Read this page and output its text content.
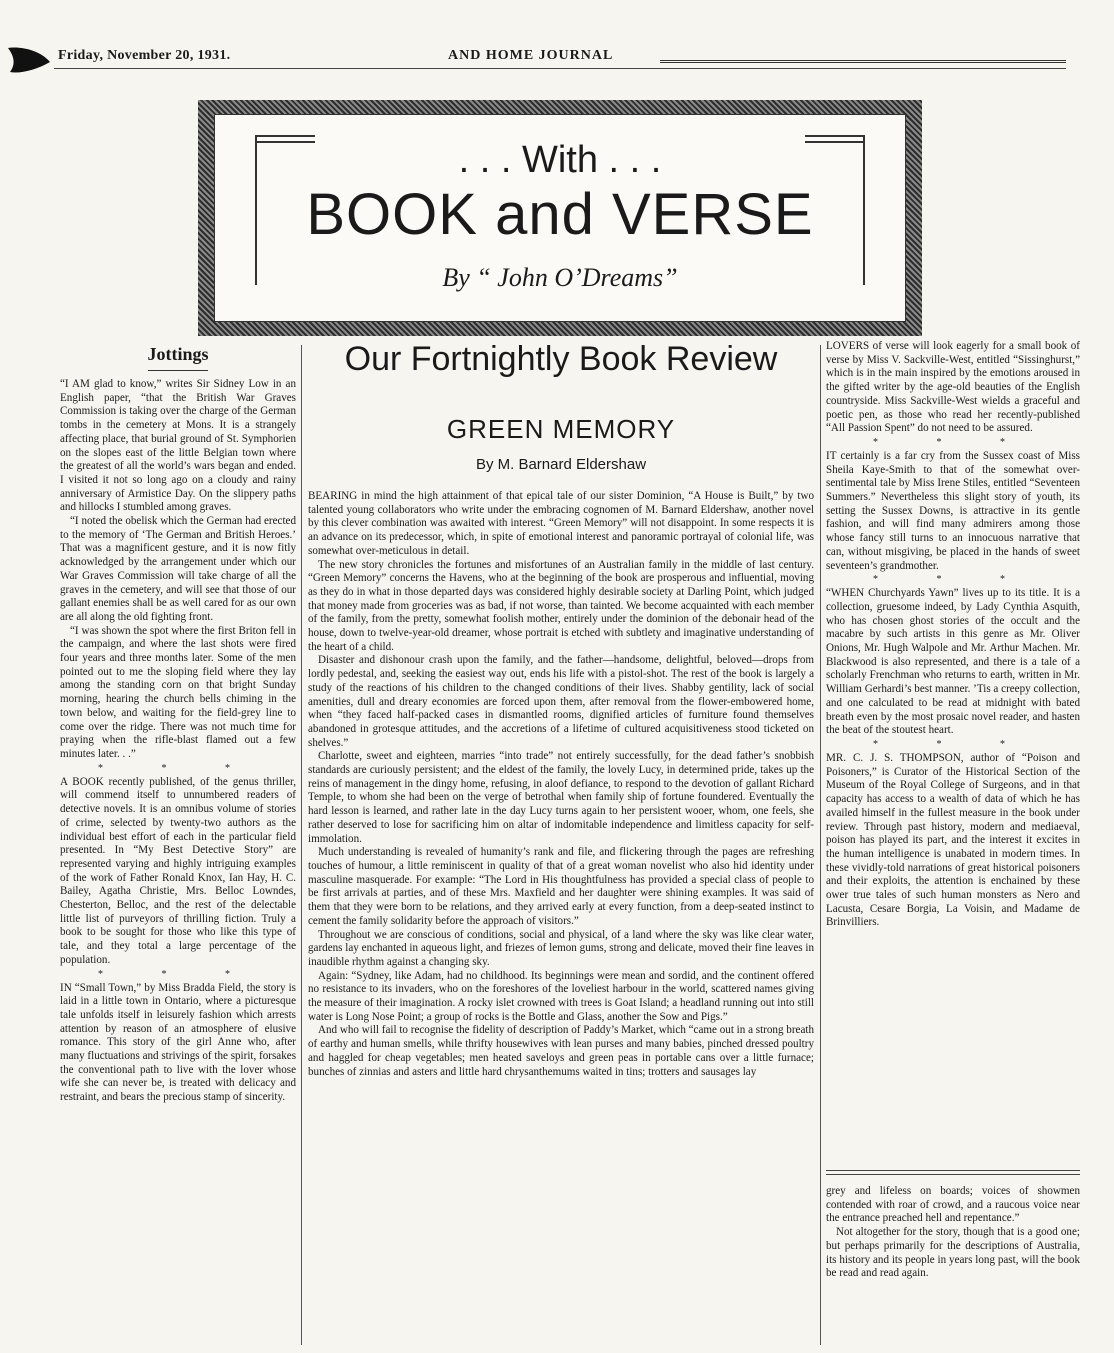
Friday, November 20, 1931.	AND HOME JOURNAL
. . . With . . .
BOOK and VERSE
By “ John O’Dreams”
Jottings

“I AM glad to know,” writes Sir Sidney Low in an English paper, “that the British War Graves Commission is taking over the charge of the German tombs in the cemetery at Mons. It is a strangely affecting place, that burial ground of St. Symphorien on the slopes east of the little Belgian town where the greatest of all the world’s wars began and ended. I visited it not so long ago on a cloudy and rainy anniversary of Armistice Day. On the slippery paths and hillocks I stumbled among graves.

“I noted the obelisk which the German had erected to the memory of ‘The German and British Heroes.’ That was a magnificent gesture, and it is now fitly acknowledged by the arrangement under which our War Graves Commission will take charge of all the graves in the cemetery, and will see that those of our gallant enemies shall be as well cared for as our own are all along the old fighting front.

“I was shown the spot where the first Briton fell in the campaign, and where the last shots were fired four years and three months later. Some of the men pointed out to me the sloping field where they lay among the standing corn on that bright Sunday morning, hearing the church bells chiming in the town below, and waiting for the field-grey line to come over the ridge. There was not much time for praying when the rifle-blast flamed out a few minutes later. . .”

* * *

A BOOK recently published, of the genus thriller, will commend itself to unnumbered readers of detective novels. It is an omnibus volume of stories of crime, selected by twenty-two authors as the individual best effort of each in the particular field presented. In “My Best Detective Story” are represented varying and highly intriguing examples of the work of Father Ronald Knox, Ian Hay, H. C. Bailey, Agatha Christie, Mrs. Belloc Lowndes, Chesterton, Belloc, and the rest of the delectable little list of purveyors of thrilling fiction. Truly a book to be sought for those who like this type of tale, and they total a large percentage of the population.

* * *

IN “Small Town,” by Miss Bradda Field, the story is laid in a little town in Ontario, where a picturesque tale unfolds itself in leisurely fashion which arrests attention by reason of an atmosphere of elusive romance. This story of the girl Anne who, after many fluctuations and strivings of the spirit, forsakes the conventional path to live with the lover whose wife she can never be, is treated with delicacy and restraint, and bears the precious stamp of sincerity.

Our Fortnightly Book Review
GREEN MEMORY
By M. Barnard Eldershaw

BEARING in mind the high attainment of that epical tale of our sister Dominion, “A House is Built,” by two talented young collaborators who write under the embracing cognomen of M. Barnard Eldershaw, another novel by this clever combination was awaited with interest. “Green Memory” will not disappoint. In some respects it is an advance on its predecessor, which, in spite of emotional interest and panoramic portrayal of colonial life, was somewhat over-meticulous in detail.

The new story chronicles the fortunes and misfortunes of an Australian family in the middle of last century. “Green Memory” concerns the Havens, who at the beginning of the book are prosperous and influential, moving as they do in what in those departed days was considered highly desirable society at Darling Point, which judged that money made from groceries was as bad, if not worse, than tainted. We become acquainted with each member of the family, from the pretty, somewhat foolish mother, entirely under the dominion of the debonair head of the house, down to twelve-year-old dreamer, whose portrait is etched with subtlety and imaginative understanding of the heart of a child.

Disaster and dishonour crash upon the family, and the father—handsome, delightful, beloved—drops from lordly pedestal, and, seeking the easiest way out, ends his life with a pistol-shot. The rest of the book is largely a study of the reactions of his children to the changed conditions of their lives. Shabby gentility, lack of social amenities, dull and dreary economies are forced upon them, after removal from the flower-embowered home, when “they faced half-packed cases in dismantled rooms, dignified articles of furniture found themselves abandoned in grotesque attitudes, and the accretions of a lifetime of cultured acquisitiveness stood ticketed on shelves.”

Charlotte, sweet and eighteen, marries “into trade” not entirely successfully, for the dead father’s snobbish standards are curiously persistent; and the eldest of the family, the lovely Lucy, in determined pride, takes up the reins of management in the dingy home, refusing, in aloof defiance, to respond to the devotion of gallant Richard Temple, to whom she had been on the verge of betrothal when family ship of fortune foundered. Eventually the hard lesson is learned, and rather late in the day Lucy turns again to her persistent wooer, whom, one feels, she rather deserved to lose for sacrificing him on altar of indomitable independence and limitless capacity for self-immolation.

Much understanding is revealed of humanity’s rank and file, and flickering through the pages are refreshing touches of humour, a little reminiscent in quality of that of a great woman novelist who also hid identity under masculine masquerade. For example: “The Lord in His thoughtfulness has provided a special class of people to be first arrivals at parties, and of these Mrs. Maxfield and her daughter were shining examples. It was said of them that they were born to be relations, and they arrived early at every function, from a deep-seated instinct to cement the family solidarity before the approach of visitors.”

Throughout we are conscious of conditions, social and physical, of a land where the sky was like clear water, gardens lay enchanted in aqueous light, and friezes of lemon gums, strong and delicate, moved their fine leaves in inaudible rhythm against a changing sky.

Again: “Sydney, like Adam, had no childhood. Its beginnings were mean and sordid, and the continent offered no resistance to its invaders, who on the foreshores of the loveliest harbour in the world, scattered names giving the measure of their imagination. A rocky islet crowned with trees is Goat Island; a headland running out into still water is Long Nose Point; a group of rocks is the Bottle and Glass, another the Sow and Pigs.”

And who will fail to recognise the fidelity of description of Paddy’s Market, which “came out in a strong breath of earthy and human smells, while thrifty housewives with lean purses and many babies, pinched dressed poultry and haggled for cheap vegetables; men heated saveloys and green peas in portable cans over a little furnace; bunches of zinnias and asters and little hard chrysanthemums waited in tins; trotters and sausages lay

LOVERS of verse will look eagerly for a small book of verse by Miss V. Sackville-West, entitled “Sissinghurst,” which is in the main inspired by the emotions aroused in the gifted writer by the age-old beauties of the English countryside. Miss Sackville-West wields a graceful and poetic pen, as those who read her recently-published “All Passion Spent” do not need to be assured.

* * *

IT certainly is a far cry from the Sussex coast of Miss Sheila Kaye-Smith to that of the somewhat over-sentimental tale by Miss Irene Stiles, entitled “Seventeen Summers.” Nevertheless this slight story of youth, its setting the Sussex Downs, is attractive in its gentle fashion, and will find many admirers among those whose fancy still turns to an innocuous narrative that can, without misgiving, be placed in the hands of sweet seventeen’s grandmother.

* * *

“WHEN Churchyards Yawn” lives up to its title. It is a collection, gruesome indeed, by Lady Cynthia Asquith, who has chosen ghost stories of the occult and the macabre by such artists in this genre as Mr. Oliver Onions, Mr. Hugh Walpole and Mr. Arthur Machen. Mr. Blackwood is also represented, and there is a tale of a scholarly Frenchman who returns to earth, written in Mr. William Gerhardi’s best manner. ’Tis a creepy collection, and one calculated to be read at midnight with bated breath even by the most prosaic novel reader, and hasten the beat of the stoutest heart.

* * *

MR. C. J. S. THOMPSON, author of “Poison and Poisoners,” is Curator of the Historical Section of the Museum of the Royal College of Surgeons, and in that capacity has access to a wealth of data of which he has availed himself in the fullest measure in the book under review. Through past history, modern and mediaeval, poison has played its part, and the interest it excites in the human intelligence is unabated in modern times. In these vividly-told narrations of great historical poisoners and their exploits, the attention is enchained by these ower true tales of such human monsters as Nero and Lacusta, Cesare Borgia, La Voisin, and Madame de Brinvilliers.

grey and lifeless on boards; voices of showmen contended with roar of crowd, and a raucous voice near the entrance preached hell and repentance.”

Not altogether for the story, though that is a good one; but perhaps primarily for the descriptions of Australia, its history and its people in years long past, will the book be read and read again.
